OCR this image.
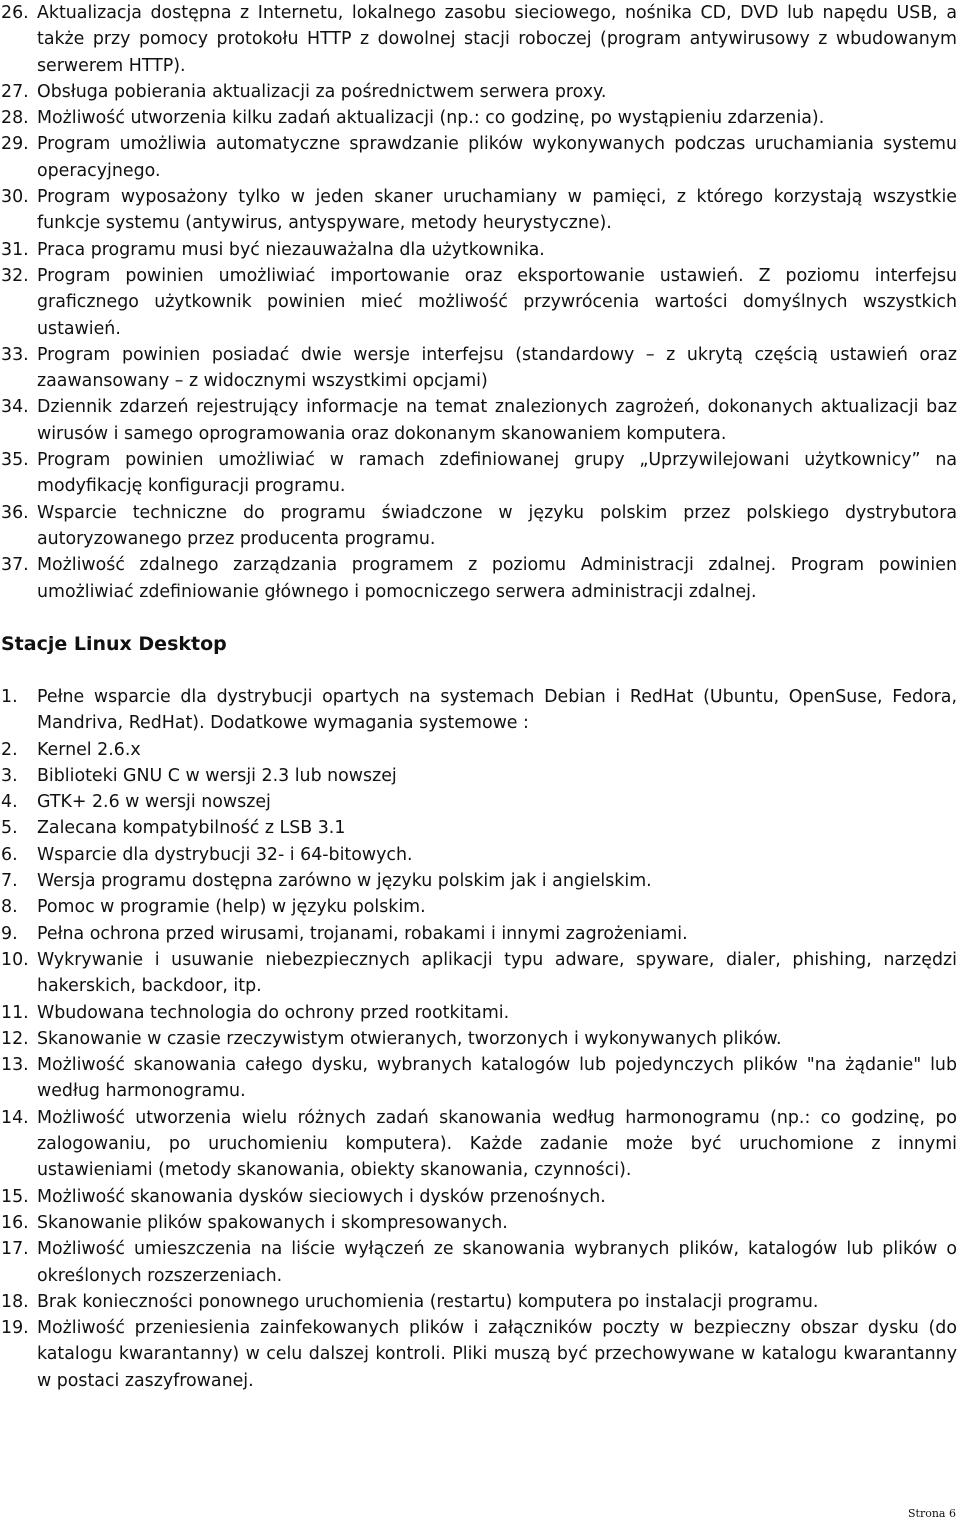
26. Aktualizacja dostępna z Internetu, lokalnego zasobu sieciowego, nośnika CD, DVD lub napędu USB, a także przy pomocy protokołu HTTP z dowolnej stacji roboczej (program antywirusowy z wbudowanym serwerem HTTP).
27. Obsługa pobierania aktualizacji za pośrednictwem serwera proxy.
28. Możliwość utworzenia kilku zadań aktualizacji (np.: co godzinę, po wystąpieniu zdarzenia).
29. Program umożliwia automatyczne sprawdzanie plików wykonywanych podczas uruchamiania systemu operacyjnego.
30. Program wyposażony tylko w jeden skaner uruchamiany w pamięci, z którego korzystają wszystkie funkcje systemu (antywirus, antyspyware, metody heurystyczne).
31. Praca programu musi być niezauważalna dla użytkownika.
32. Program powinien umożliwiać importowanie oraz eksportowanie ustawień. Z poziomu interfejsu graficznego użytkownik powinien mieć możliwość przywrócenia wartości domyślnych wszystkich ustawień.
33. Program powinien posiadać dwie wersje interfejsu (standardowy – z ukrytą częścią ustawień oraz zaawansowany – z widocznymi wszystkimi opcjami)
34. Dziennik zdarzeń rejestrujący informacje na temat znalezionych zagrożeń, dokonanych aktualizacji baz wirusów i samego oprogramowania oraz dokonanym skanowaniem komputera.
35. Program powinien umożliwiać w ramach zdefiniowanej grupy „Uprzywilejowani użytkownicy” na modyfikację konfiguracji programu.
36. Wsparcie techniczne do programu świadczone w języku polskim przez polskiego dystrybutora autoryzowanego przez producenta programu.
37. Możliwość zdalnego zarządzania programem z poziomu Administracji zdalnej. Program powinien umożliwiać zdefiniowanie głównego i pomocniczego serwera administracji zdalnej.
Stacje Linux Desktop
1.	Pełne wsparcie dla dystrybucji opartych na systemach Debian i RedHat (Ubuntu, OpenSuse, Fedora, Mandriva, RedHat). Dodatkowe wymagania systemowe :
2.	Kernel 2.6.x
3.	Biblioteki GNU C w wersji 2.3 lub nowszej
4.	GTK+ 2.6 w wersji nowszej
5.	Zalecana kompatybilność z LSB 3.1
6.	Wsparcie dla dystrybucji 32- i 64-bitowych.
7.	Wersja programu dostępna zarówno w języku polskim jak i angielskim.
8.	Pomoc w programie (help) w języku polskim.
9.	Pełna ochrona przed wirusami, trojanami, robakami i innymi zagrożeniami.
10. Wykrywanie i usuwanie niebezpiecznych aplikacji typu adware, spyware, dialer, phishing, narzędzi hakerskich, backdoor, itp.
11. Wbudowana technologia do ochrony przed rootkitami.
12. Skanowanie w czasie rzeczywistym otwieranych, tworzonych i wykonywanych plików.
13. Możliwość skanowania całego dysku, wybranych katalogów lub pojedynczych plików "na żądanie" lub według harmonogramu.
14. Możliwość utworzenia wielu różnych zadań skanowania według harmonogramu (np.: co godzinę, po zalogowaniu, po uruchomieniu komputera). Każde zadanie może być uruchomione z innymi ustawieniami (metody skanowania, obiekty skanowania, czynności).
15. Możliwość skanowania dysków sieciowych i dysków przenośnych.
16. Skanowanie plików spakowanych i skompresowanych.
17. Możliwość umieszczenia na liście wyłączeń ze skanowania wybranych plików, katalogów lub plików o określonych rozszerzeniach.
18. Brak konieczności ponownego uruchomienia (restartu) komputera po instalacji programu.
19. Możliwość przeniesienia zainfekowanych plików i załączników poczty w bezpieczny obszar dysku (do katalogu kwarantanny) w celu dalszej kontroli. Pliki muszą być przechowywane w katalogu kwarantanny w postaci zaszyfrowanej.
Strona 6
